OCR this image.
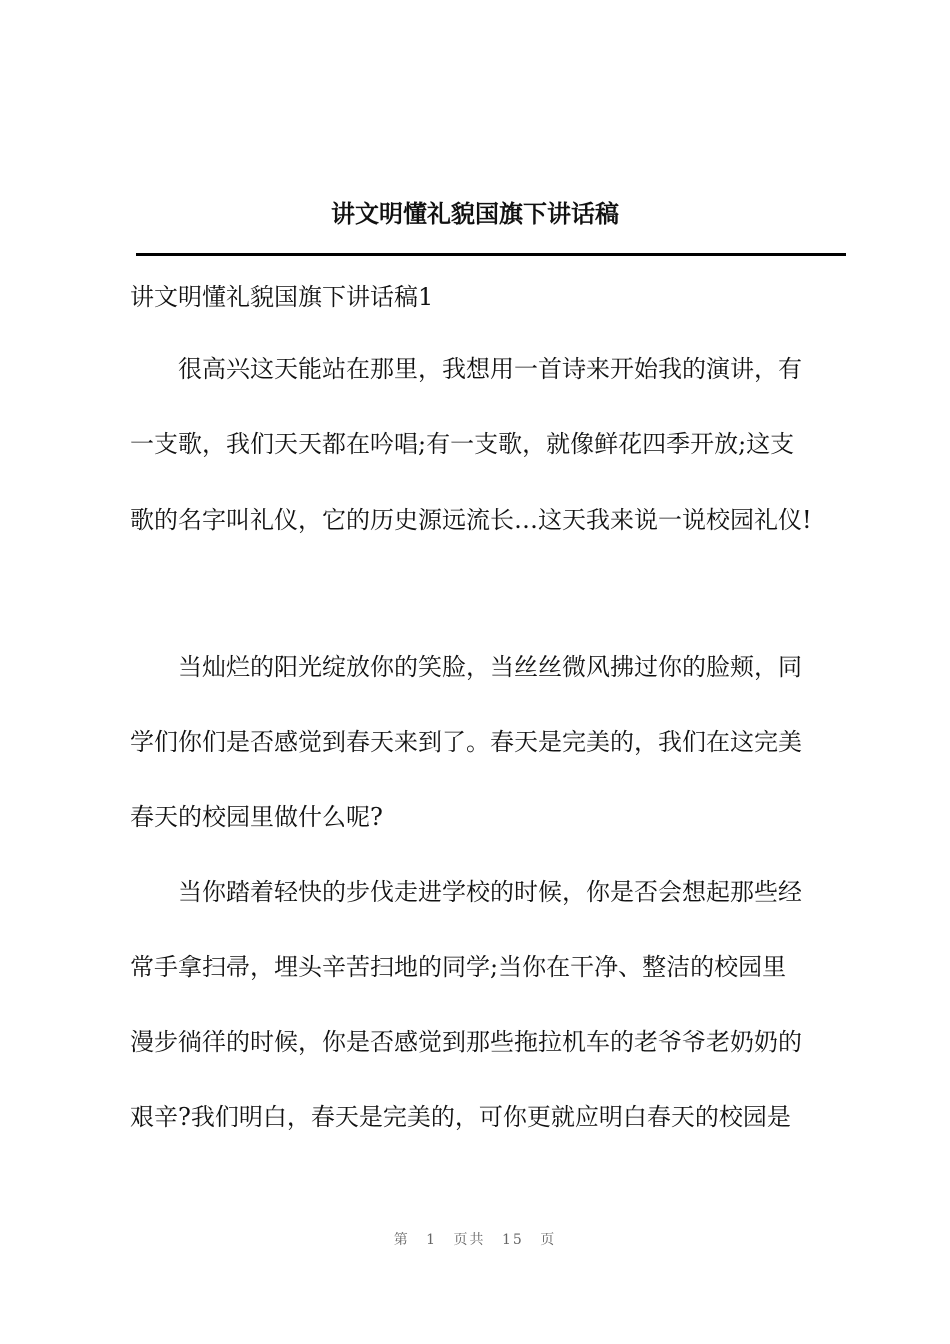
讲文明懂礼貌国旗下讲话稿
讲文明懂礼貌国旗下讲话稿1
　　很高兴这天能站在那里，我想用一首诗来开始我的演讲，有
一支歌，我们天天都在吟唱;有一支歌，就像鲜花四季开放;这支
歌的名字叫礼仪，它的历史源远流长…这天我来说一说校园礼仪!
　　当灿烂的阳光绽放你的笑脸，当丝丝微风拂过你的脸颊，同
学们你们是否感觉到春天来到了。春天是完美的，我们在这完美
春天的校园里做什么呢?
　　当你踏着轻快的步伐走进学校的时候，你是否会想起那些经
常手拿扫帚，埋头辛苦扫地的同学;当你在干净、整洁的校园里
漫步徜徉的时候，你是否感觉到那些拖拉机车的老爷爷老奶奶的
艰辛?我们明白，春天是完美的，可你更就应明白春天的校园是
第 1 页共 15 页
